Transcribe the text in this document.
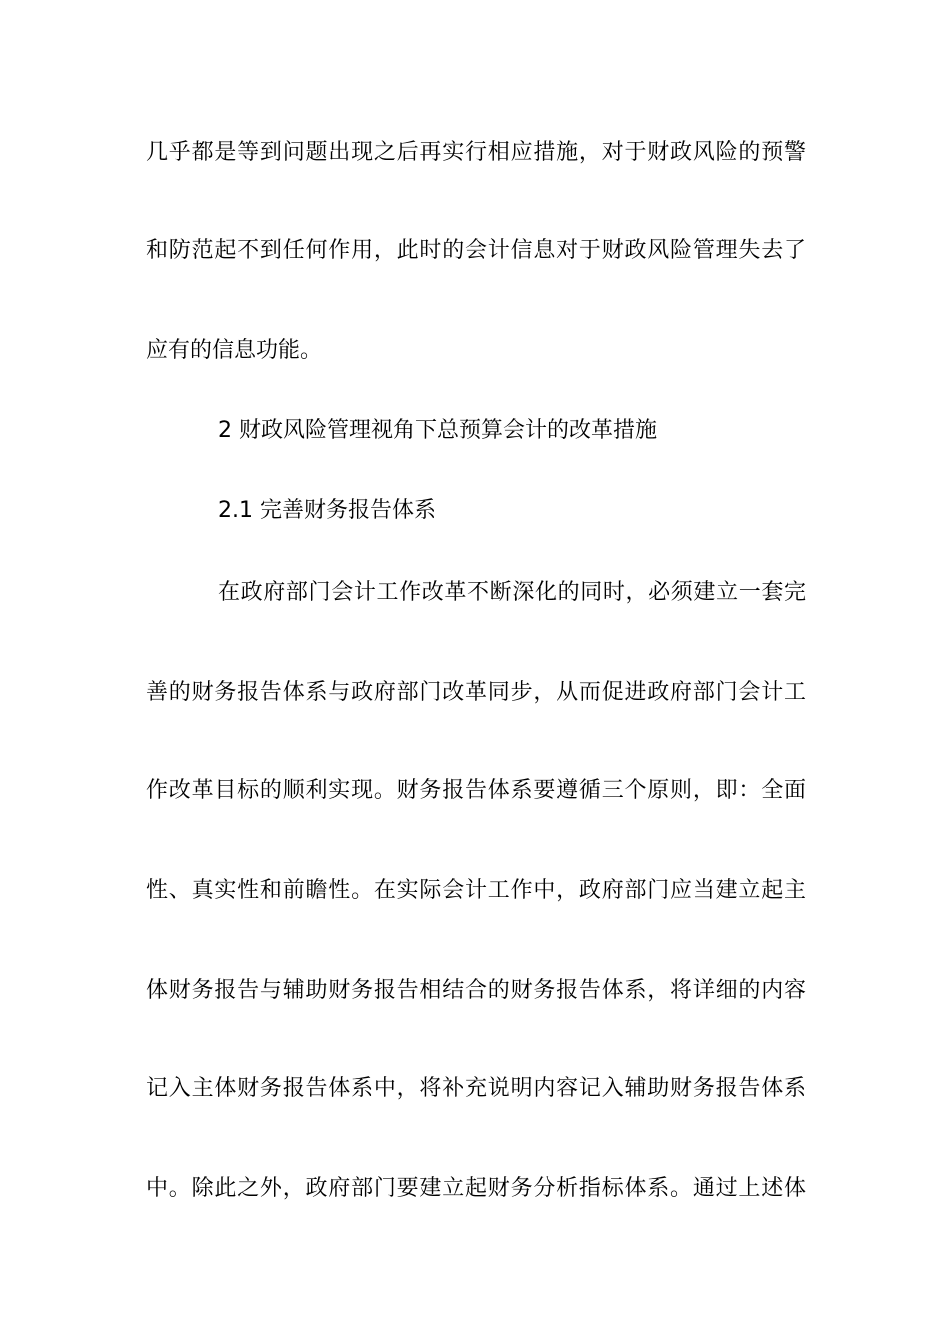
几乎都是等到问题出现之后再实行相应措施，对于财政风险的预警
和防范起不到任何作用，此时的会计信息对于财政风险管理失去了
应有的信息功能。
2 财政风险管理视角下总预算会计的改革措施
2.1 完善财务报告体系
在政府部门会计工作改革不断深化的同时，必须建立一套完
善的财务报告体系与政府部门改革同步，从而促进政府部门会计工
作改革目标的顺利实现。财务报告体系要遵循三个原则，即：全面
性、真实性和前瞻性。在实际会计工作中，政府部门应当建立起主
体财务报告与辅助财务报告相结合的财务报告体系，将详细的内容
记入主体财务报告体系中，将补充说明内容记入辅助财务报告体系
中。除此之外，政府部门要建立起财务分析指标体系。通过上述体
